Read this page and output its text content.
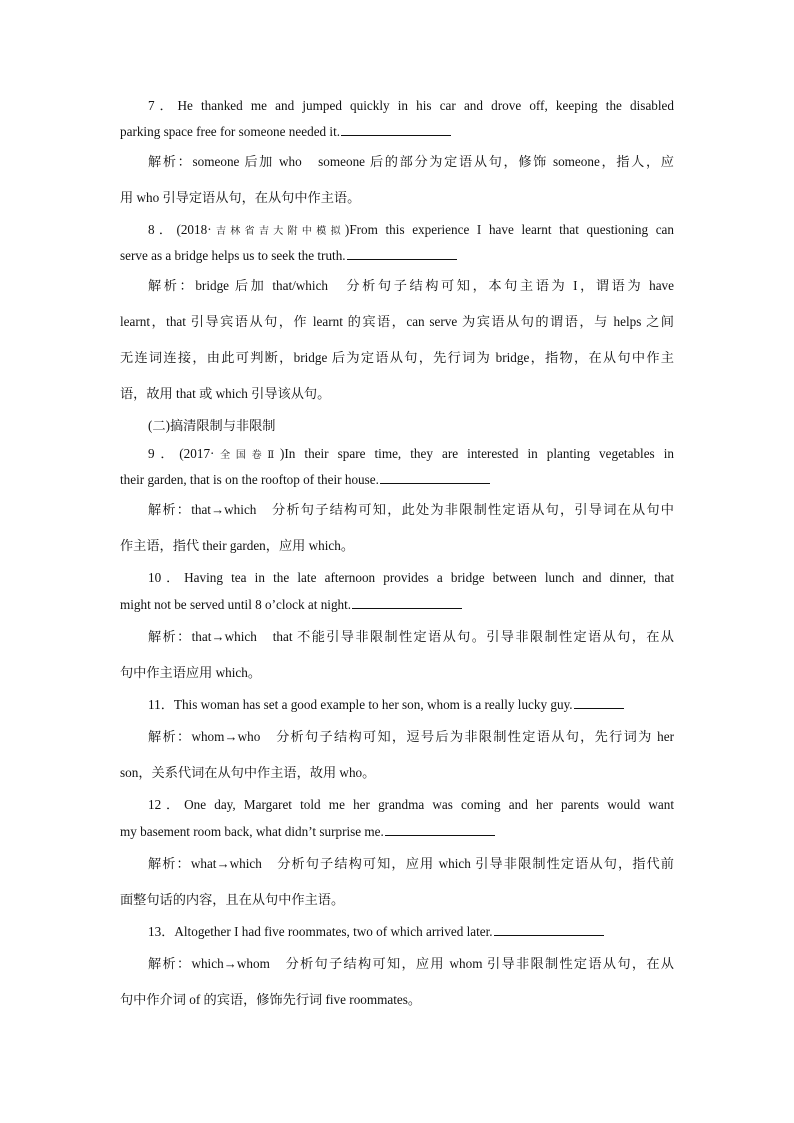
7．He thanked me and jumped quickly in his car and drove off, keeping the disabled
parking space free for someone needed it.
解析：someone 后加 who　someone 后的部分为定语从句，修饰 someone，指人，应
用 who 引导定语从句，在从句中作主语。
8．(2018·吉林省吉大附中模拟)From this experience I have learnt that questioning can
serve as a bridge helps us to seek the truth.
解析：bridge 后加 that/which　分析句子结构可知，本句主语为 I，谓语为 have
learnt，that 引导宾语从句，作 learnt 的宾语，can serve 为宾语从句的谓语，与 helps 之间
无连词连接，由此可判断，bridge 后为定语从句，先行词为 bridge，指物，在从句中作主
语，故用 that 或 which 引导该从句。
(二)搞清限制与非限制
9．(2017·全国卷Ⅱ)In their spare time, they are interested in planting vegetables in
their garden, that is on the rooftop of their house.
解析：that→which　分析句子结构可知，此处为非限制性定语从句，引导词在从句中
作主语，指代 their garden，应用 which。
10．Having tea in the late afternoon provides a bridge between lunch and dinner, that
might not be served until 8 o’clock at night.
解析：that→which　that 不能引导非限制性定语从句。引导非限制性定语从句，在从
句中作主语应用 which。
11．This woman has set a good example to her son, whom is a really lucky guy.
解析：whom→who　分析句子结构可知，逗号后为非限制性定语从句，先行词为 her
son，关系代词在从句中作主语，故用 who。
12．One day, Margaret told me her grandma was coming and her parents would want
my basement room back, what didn’t surprise me.
解析：what→which　分析句子结构可知，应用 which 引导非限制性定语从句，指代前
面整句话的内容，且在从句中作主语。
13．Altogether I had five roommates, two of which arrived later.
解析：which→whom　分析句子结构可知，应用 whom 引导非限制性定语从句，在从
句中作介词 of 的宾语，修饰先行词 five roommates。
